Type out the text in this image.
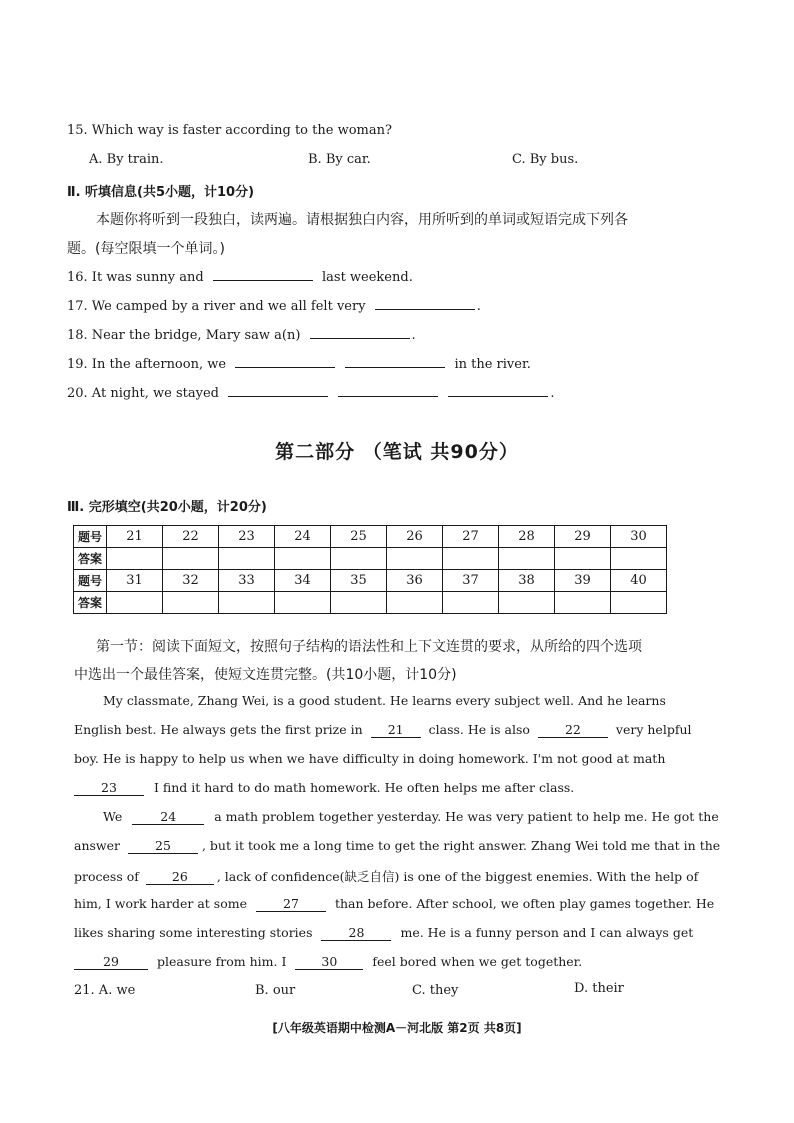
15. Which way is faster according to the woman?
A. By train.	B. By car.	C. By bus.
Ⅱ. 听填信息(共5小题，计10分)
本题你将听到一段独白，读两遍。请根据独白内容，用所听到的单词或短语完成下列各
题。(每空限填一个单词。)
16. It was sunny and	last weekend.
17. We camped by a river and we all felt very	.
18. Near the bridge, Mary saw a(n)	.
19. In the afternoon, we	in the river.
20. At night, we stayed	.
第二部分 （笔试 共90分）
Ⅲ. 完形填空(共20小题，计20分)
题号	21	22	23	24	25	26	27	28	29	30
答案										
题号	31	32	33	34	35	36	37	38	39	40
答案										
第一节：阅读下面短文，按照句子结构的语法性和上下文连贯的要求，从所给的四个选项
中选出一个最佳答案，使短文连贯完整。(共10小题，计10分)
My classmate, Zhang Wei, is a good student. He learns every subject well. And he learns
English best. He always gets the first prize in 21 class. He is also	22	very helpful
boy. He is happy to help us when we have difficulty in doing homework. I'm not good at math
23	I find it hard to do math homework. He often helps me after class.
We	24	a math problem together yesterday. He was very patient to help me. He got the
answer	25 , but it took me a long time to get the right answer. Zhang Wei told me that in the
process of	26 , lack of confidence(缺乏自信) is one of the biggest enemies. With the help of
him, I work harder at some	27	than before. After school, we often play games together. He
likes sharing some interesting stories	28	me. He is a funny person and I can always get
29	pleasure from him. I	30	feel bored when we get together.
21. A. we	B. our	C. they	D. their
[八年级英语期中检测A－河北版 第2页 共8页]
